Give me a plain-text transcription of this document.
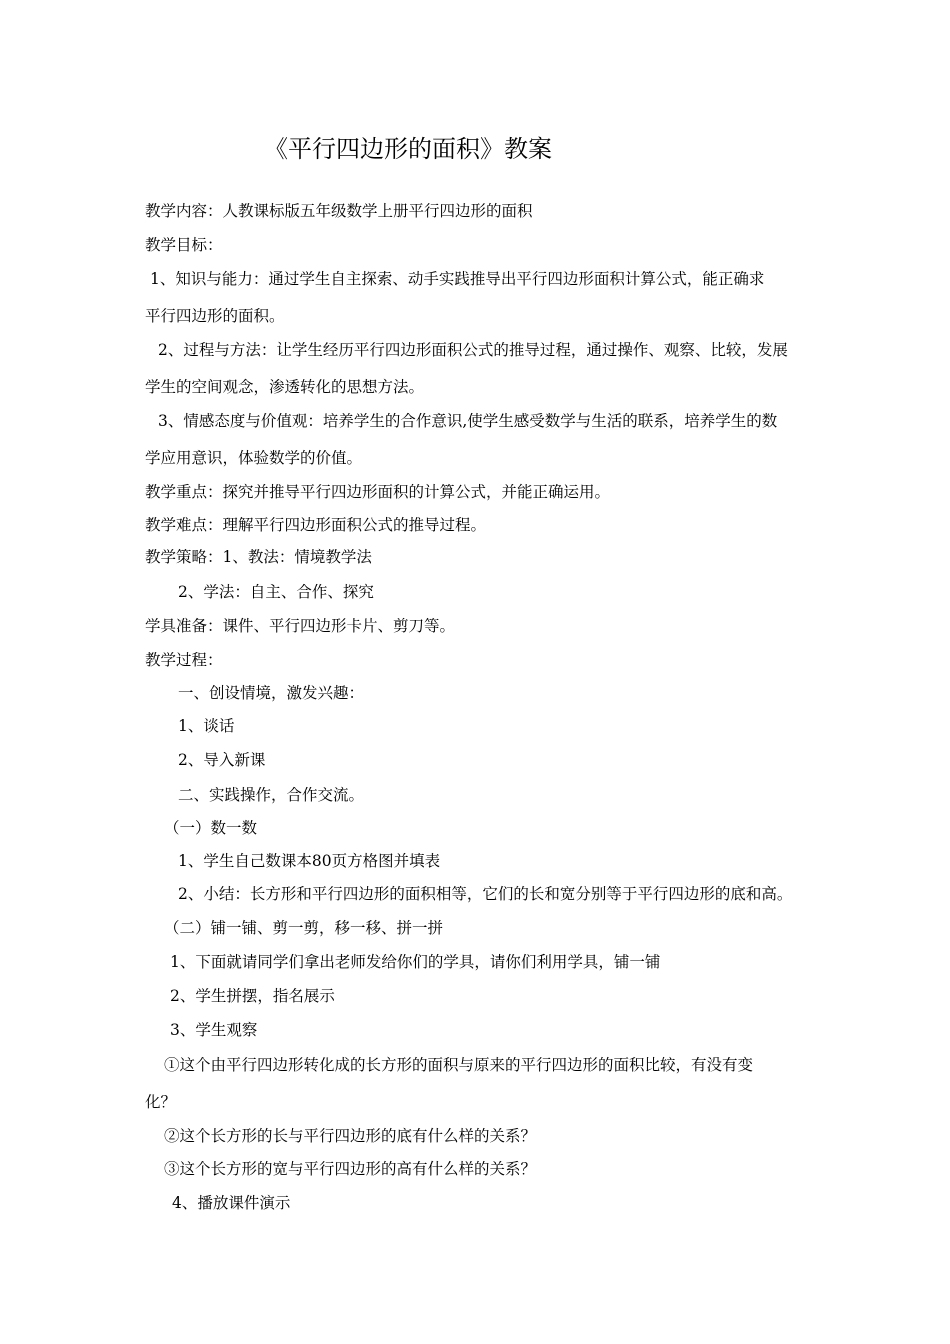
《平行四边形的面积》教案
教学内容：人教课标版五年级数学上册平行四边形的面积
教学目标：
1、知识与能力：通过学生自主探索、动手实践推导出平行四边形面积计算公式，能正确求
平行四边形的面积。
2、过程与方法：让学生经历平行四边形面积公式的推导过程，通过操作、观察、比较，发展
学生的空间观念，渗透转化的思想方法。
3、情感态度与价值观：培养学生的合作意识,使学生感受数学与生活的联系，培养学生的数
学应用意识，体验数学的价值。
教学重点：探究并推导平行四边形面积的计算公式，并能正确运用。
教学难点：理解平行四边形面积公式的推导过程。
教学策略：1、教法：情境教学法
2、学法：自主、合作、探究
学具准备：课件、平行四边形卡片、剪刀等。
教学过程：
一、创设情境，激发兴趣：
1、谈话
2、导入新课
二、实践操作，合作交流。
（一）数一数
1、学生自己数课本80页方格图并填表
2、小结：长方形和平行四边形的面积相等，它们的长和宽分别等于平行四边形的底和高。
（二）铺一铺、剪一剪，移一移、拼一拼
1、下面就请同学们拿出老师发给你们的学具，请你们利用学具，铺一铺
2、学生拼摆，指名展示
3、学生观察
①这个由平行四边形转化成的长方形的面积与原来的平行四边形的面积比较，有没有变
化？
②这个长方形的长与平行四边形的底有什么样的关系？
③这个长方形的宽与平行四边形的高有什么样的关系？
4、播放课件演示
